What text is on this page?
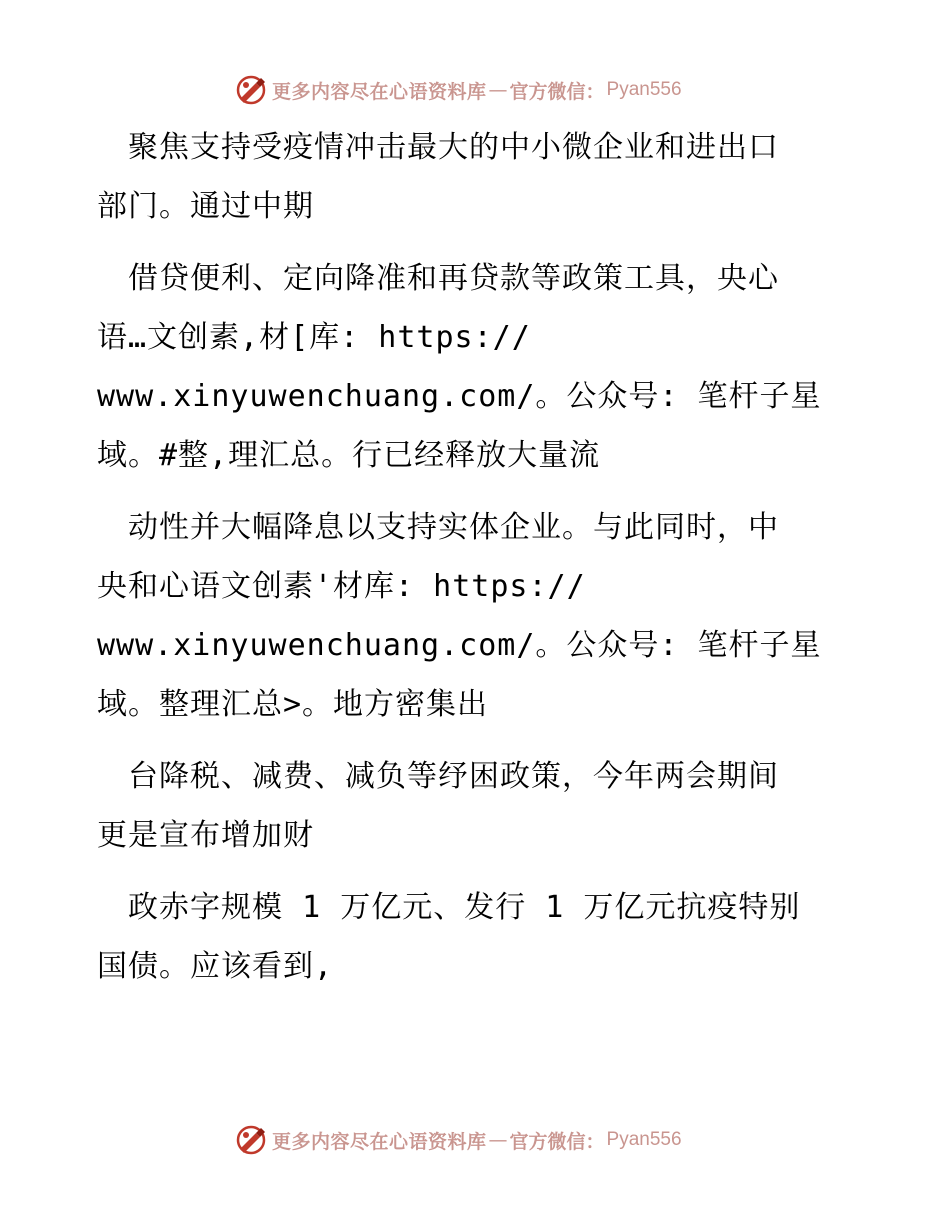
更多内容尽在心语资料库 — 官方微信： Pyan556
聚焦支持受疫情冲击最大的中小微企业和进出口
部门。通过中期
借贷便利、定向降准和再贷款等政策工具，央心
语…文创素,材[库: https://
www.xinyuwenchuang.com/。公众号: 笔杆子星
域。#整,理汇总。行已经释放大量流
动性并大幅降息以支持实体企业。与此同时，中
央和心语文创素'材库: https://
www.xinyuwenchuang.com/。公众号: 笔杆子星
域。整理汇总>。地方密集出
台降税、减费、减负等纾困政策，今年两会期间
更是宣布增加财
政赤字规模 1 万亿元、发行 1 万亿元抗疫特别
国债。应该看到,
更多内容尽在心语资料库 — 官方微信： Pyan556
